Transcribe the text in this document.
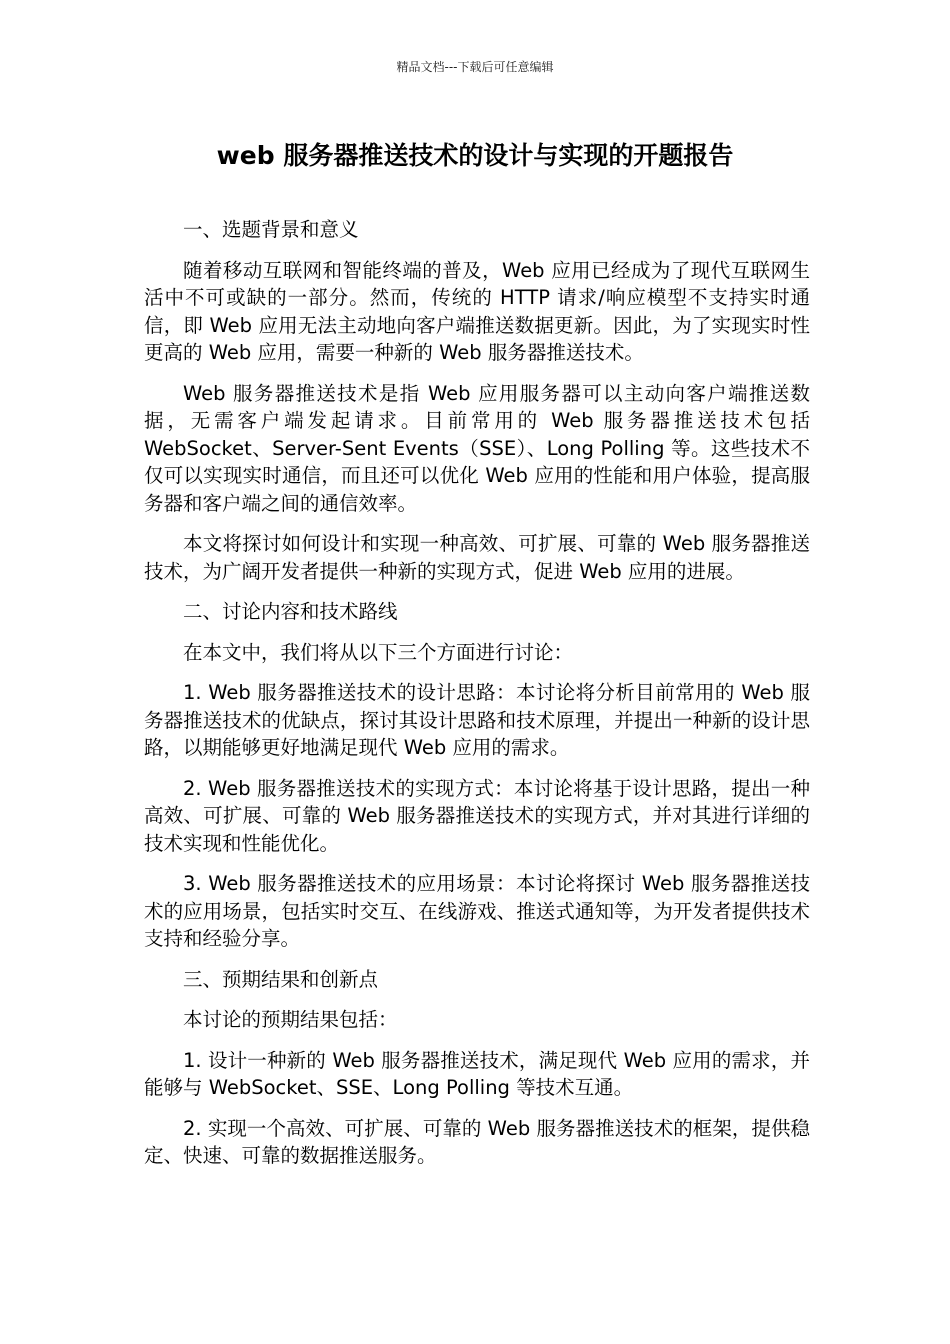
精品文档---下载后可任意编辑
web 服务器推送技术的设计与实现的开题报告

一、选题背景和意义

随着移动互联网和智能终端的普及，Web 应用已经成为了现代互联网生活中不可或缺的一部分。然而，传统的 HTTP 请求/响应模型不支持实时通信，即 Web 应用无法主动地向客户端推送数据更新。因此，为了实现实时性更高的 Web 应用，需要一种新的 Web 服务器推送技术。

Web 服务器推送技术是指 Web 应用服务器可以主动向客户端推送数据，无需客户端发起请求。目前常用的 Web 服务器推送技术包括 WebSocket、Server-Sent Events（SSE）、Long Polling 等。这些技术不仅可以实现实时通信，而且还可以优化 Web 应用的性能和用户体验，提高服务器和客户端之间的通信效率。

本文将探讨如何设计和实现一种高效、可扩展、可靠的 Web 服务器推送技术，为广阔开发者提供一种新的实现方式，促进 Web 应用的进展。

二、讨论内容和技术路线

在本文中，我们将从以下三个方面进行讨论：

1. Web 服务器推送技术的设计思路：本讨论将分析目前常用的 Web 服务器推送技术的优缺点，探讨其设计思路和技术原理，并提出一种新的设计思路，以期能够更好地满足现代 Web 应用的需求。

2. Web 服务器推送技术的实现方式：本讨论将基于设计思路，提出一种高效、可扩展、可靠的 Web 服务器推送技术的实现方式，并对其进行详细的技术实现和性能优化。

3. Web 服务器推送技术的应用场景：本讨论将探讨 Web 服务器推送技术的应用场景，包括实时交互、在线游戏、推送式通知等，为开发者提供技术支持和经验分享。

三、预期结果和创新点

本讨论的预期结果包括：

1. 设计一种新的 Web 服务器推送技术，满足现代 Web 应用的需求，并能够与 WebSocket、SSE、Long Polling 等技术互通。

2. 实现一个高效、可扩展、可靠的 Web 服务器推送技术的框架，提供稳定、快速、可靠的数据推送服务。
